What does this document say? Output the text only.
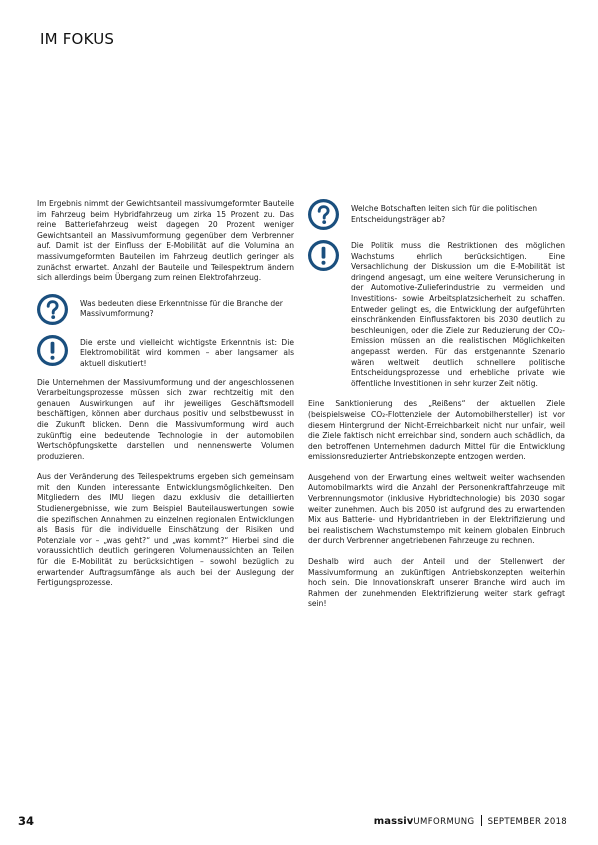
IM FOKUS

Im Ergebnis nimmt der Gewichtsanteil massivumgeformter Bauteile im Fahrzeug beim Hybridfahrzeug um zirka 15 Prozent zu. Das reine Batteriefahrzeug weist dagegen 20 Prozent weniger Gewichtsanteil an Massivumformung gegenüber dem Verbrenner auf. Damit ist der Einfluss der E-Mobilität auf die Volumina an massivumgeformten Bauteilen im Fahrzeug deutlich geringer als zunächst erwartet. Anzahl der Bauteile und Teilespektrum ändern sich allerdings beim Übergang zum reinen Elektrofahrzeug.

Was bedeuten diese Erkenntnisse für die Branche der Massivumformung?
Die erste und vielleicht wichtigste Erkenntnis ist: Die Elektromobilität wird kommen – aber langsamer als aktuell diskutiert!

Die Unternehmen der Massivumformung und der angeschlossenen Verarbeitungsprozesse müssen sich zwar rechtzeitig mit den genauen Auswirkungen auf ihr jeweiliges Geschäftsmodell beschäftigen, können aber durchaus positiv und selbstbewusst in die Zukunft blicken. Denn die Massivumformung wird auch zukünftig eine bedeutende Technologie in der automobilen Wertschöpfungskette darstellen und nennenswerte Volumen produzieren.

Aus der Veränderung des Teilespektrums ergeben sich gemeinsam mit den Kunden interessante Entwicklungsmöglichkeiten. Den Mitgliedern des IMU liegen dazu exklusiv die detaillierten Studienergebnisse, wie zum Beispiel Bauteilauswertungen sowie die spezifischen Annahmen zu einzelnen regionalen Entwicklungen als Basis für die individuelle Einschätzung der Risiken und Potenziale vor – „was geht?“ und „was kommt?“ Hierbei sind die voraussichtlich deutlich geringeren Volumenaussichten an Teilen für die E-Mobilität zu berücksichtigen – sowohl bezüglich zu erwartender Auftragsumfänge als auch bei der Auslegung der Fertigungsprozesse.

Welche Botschaften leiten sich für die politischen Entscheidungsträger ab?
Die Politik muss die Restriktionen des möglichen Wachstums ehrlich berücksichtigen. Eine Versachlichung der Diskussion um die E-Mobilität ist dringend angesagt, um eine weitere Verunsicherung in der Automotive-Zulieferindustrie zu vermeiden und Investitions- sowie Arbeitsplatzsicherheit zu schaffen. Entweder gelingt es, die Entwicklung der aufgeführten einschränkenden Einflussfaktoren bis 2030 deutlich zu beschleunigen, oder die Ziele zur Reduzierung der CO₂-Emission müssen an die realistischen Möglichkeiten angepasst werden. Für das erstgenannte Szenario wären weltweit deutlich schnellere politische Entscheidungsprozesse und erhebliche private wie öffentliche Investitionen in sehr kurzer Zeit nötig.

Eine Sanktionierung des „Reißens“ der aktuellen Ziele (beispielsweise CO₂-Flottenziele der Automobilhersteller) ist vor diesem Hintergrund der Nicht-Erreichbarkeit nicht nur unfair, weil die Ziele faktisch nicht erreichbar sind, sondern auch schädlich, da den betroffenen Unternehmen dadurch Mittel für die Entwicklung emissionsreduzierter Antriebskonzepte entzogen werden.

Ausgehend von der Erwartung eines weltweit weiter wachsenden Automobilmarkts wird die Anzahl der Personenkraftfahrzeuge mit Verbrennungsmotor (inklusive Hybridtechnologie) bis 2030 sogar weiter zunehmen. Auch bis 2050 ist aufgrund des zu erwartenden Mix aus Batterie- und Hybridantrieben in der Elektrifizierung und bei realistischem Wachstumstempo mit keinem globalen Einbruch der durch Verbrenner angetriebenen Fahrzeuge zu rechnen.

Deshalb wird auch der Anteil und der Stellenwert der Massivumformung an zukünftigen Antriebskonzepten weiterhin hoch sein. Die Innovationskraft unserer Branche wird auch im Rahmen der zunehmenden Elektrifizierung weiter stark gefragt sein!

34	massivUMFORMUNG SEPTEMBER 2018
